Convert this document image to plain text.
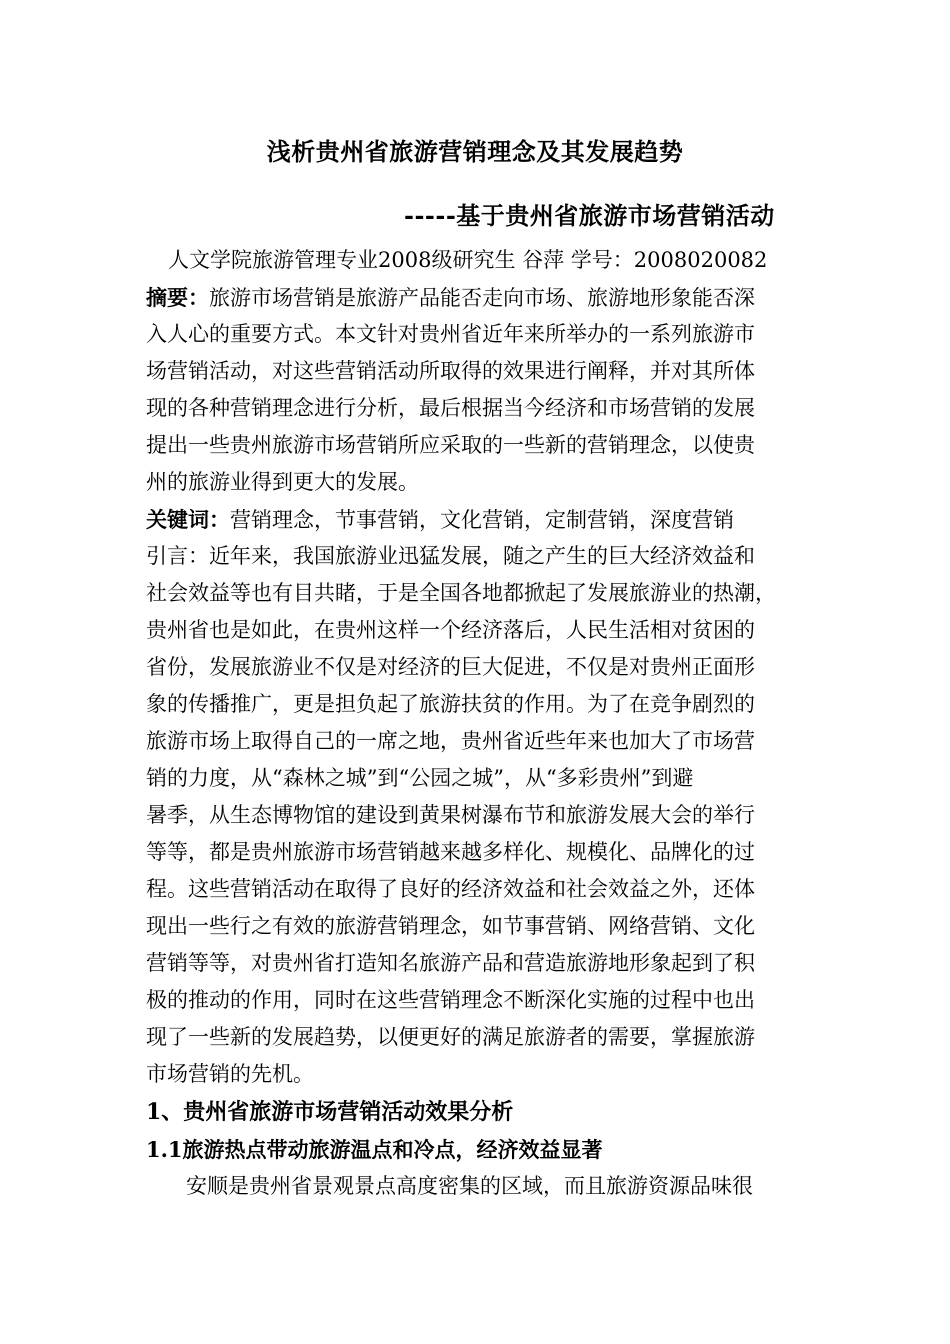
浅析贵州省旅游营销理念及其发展趋势
-----基于贵州省旅游市场营销活动
人文学院旅游管理专业2008级研究生 谷萍 学号：2008020082
摘要：旅游市场营销是旅游产品能否走向市场、旅游地形象能否深
入人心的重要方式。本文针对贵州省近年来所举办的一系列旅游市
场营销活动，对这些营销活动所取得的效果进行阐释，并对其所体
现的各种营销理念进行分析，最后根据当今经济和市场营销的发展
提出一些贵州旅游市场营销所应采取的一些新的营销理念，以使贵
州的旅游业得到更大的发展。
关键词：营销理念，节事营销，文化营销，定制营销，深度营销
引言：近年来，我国旅游业迅猛发展，随之产生的巨大经济效益和
社会效益等也有目共睹，于是全国各地都掀起了发展旅游业的热潮，
贵州省也是如此，在贵州这样一个经济落后，人民生活相对贫困的
省份，发展旅游业不仅是对经济的巨大促进，不仅是对贵州正面形
象的传播推广，更是担负起了旅游扶贫的作用。为了在竞争剧烈的
旅游市场上取得自己的一席之地，贵州省近些年来也加大了市场营
销的力度，从“森林之城”到“公园之城”，从“多彩贵州”到避
暑季，从生态博物馆的建设到黄果树瀑布节和旅游发展大会的举行
等等，都是贵州旅游市场营销越来越多样化、规模化、品牌化的过
程。这些营销活动在取得了良好的经济效益和社会效益之外，还体
现出一些行之有效的旅游营销理念，如节事营销、网络营销、文化
营销等等，对贵州省打造知名旅游产品和营造旅游地形象起到了积
极的推动的作用，同时在这些营销理念不断深化实施的过程中也出
现了一些新的发展趋势，以便更好的满足旅游者的需要，掌握旅游
市场营销的先机。
1、贵州省旅游市场营销活动效果分析
1.1旅游热点带动旅游温点和冷点，经济效益显著
安顺是贵州省景观景点高度密集的区域，而且旅游资源品味很
